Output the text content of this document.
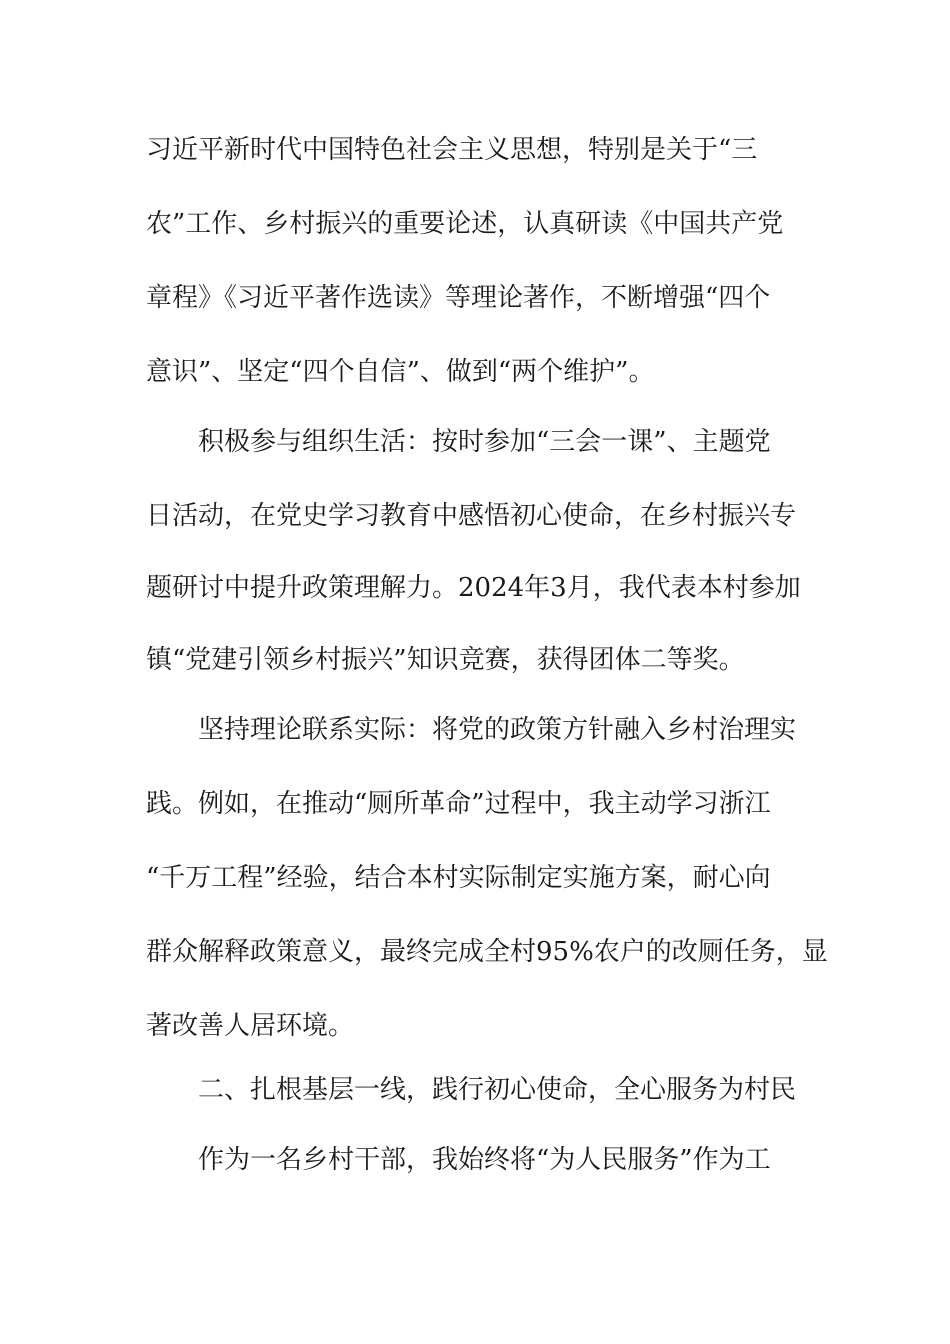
习近平新时代中国特色社会主义思想，特别是关于“三
农”工作、乡村振兴的重要论述，认真研读《中国共产党
章程》《习近平著作选读》等理论著作，不断增强“四个
意识”、坚定“四个自信”、做到“两个维护”。
积极参与组织生活：按时参加“三会一课”、主题党
日活动，在党史学习教育中感悟初心使命，在乡村振兴专
题研讨中提升政策理解力。2024年3月，我代表本村参加
镇“党建引领乡村振兴”知识竞赛，获得团体二等奖。
坚持理论联系实际：将党的政策方针融入乡村治理实
践。例如，在推动“厕所革命”过程中，我主动学习浙江
“千万工程”经验，结合本村实际制定实施方案，耐心向
群众解释政策意义，最终完成全村95%农户的改厕任务，显
著改善人居环境。
二、扎根基层一线，践行初心使命，全心服务为村民
作为一名乡村干部，我始终将“为人民服务”作为工
